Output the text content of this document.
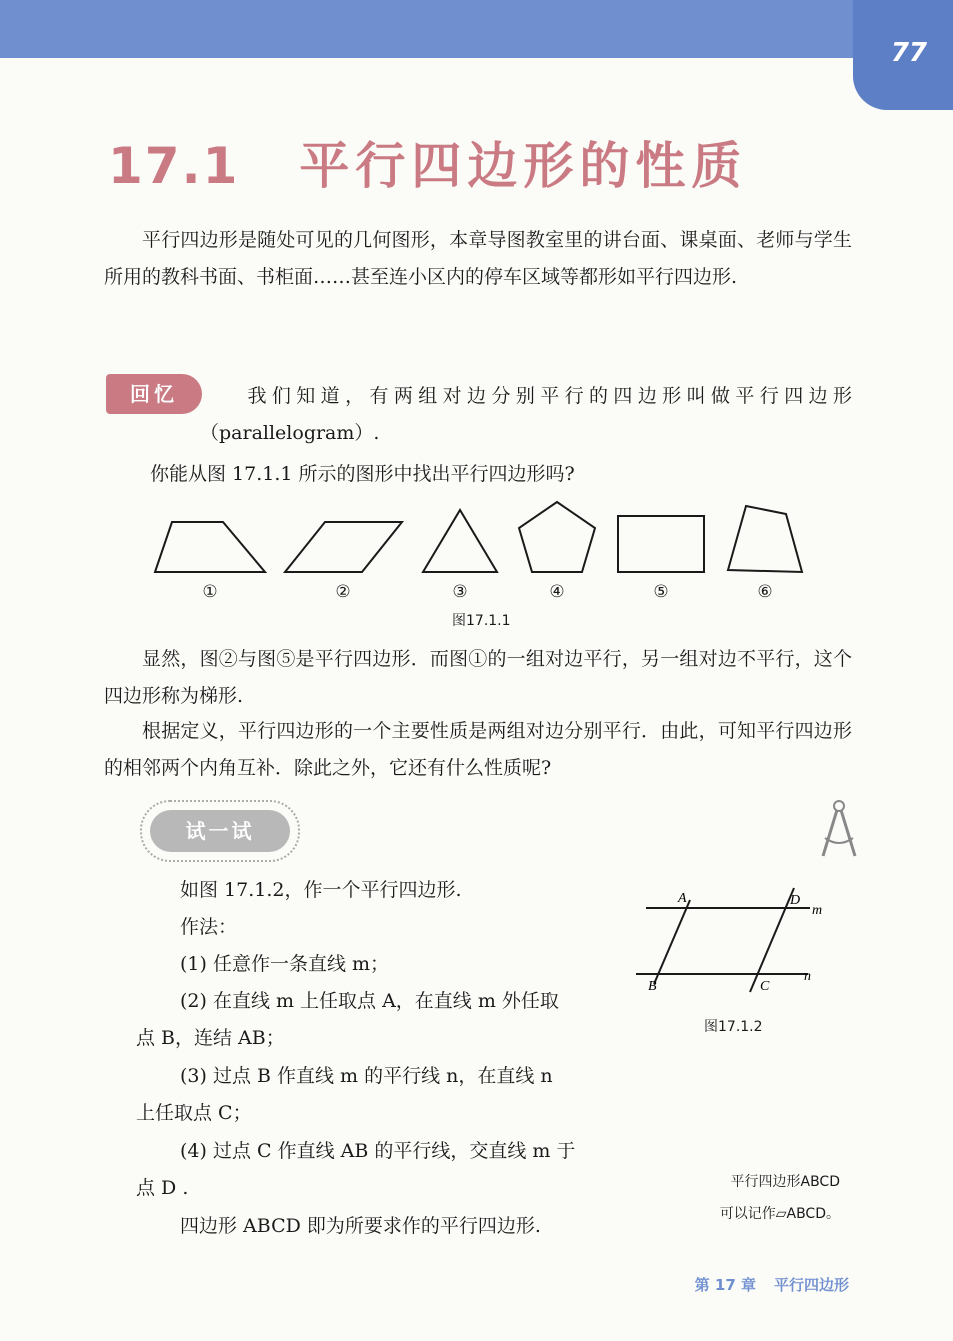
77
17.1 平行四边形的性质

平行四边形是随处可见的几何图形，本章导图教室里的讲台面、课桌面、老师与学生所用的教科书面、书柜面……甚至连小区内的停车区域等都形如平行四边形.

回忆	我们知道，有两组对边分别平行的四边形叫做平行四边形（parallelogram）.

你能从图 17.1.1 所示的图形中找出平行四边形吗?

①	②	③	④	⑤	⑥
图17.1.1

显然，图②与图⑤是平行四边形．而图①的一组对边平行，另一组对边不平行，这个四边形称为梯形.

根据定义，平行四边形的一个主要性质是两组对边分别平行．由此，可知平行四边形的相邻两个内角互补．除此之外，它还有什么性质呢?

试一试

如图 17.1.2，作一个平行四边形.

作法：

(1) 任意作一条直线 m；

(2) 在直线 m 上任取点 A，在直线 m 外任取点 B，连结 AB；

(3) 过点 B 作直线 m 的平行线 n，在直线 n 上任取点 C；

(4) 过点 C 作直线 AB 的平行线，交直线 m 于点 D .

四边形 ABCD 即为所要求作的平行四边形.

A	D
m
B	C
n
图17.1.2
平行四边形ABCD
可以记作▱ABCD。
第 17 章 平行四边形
